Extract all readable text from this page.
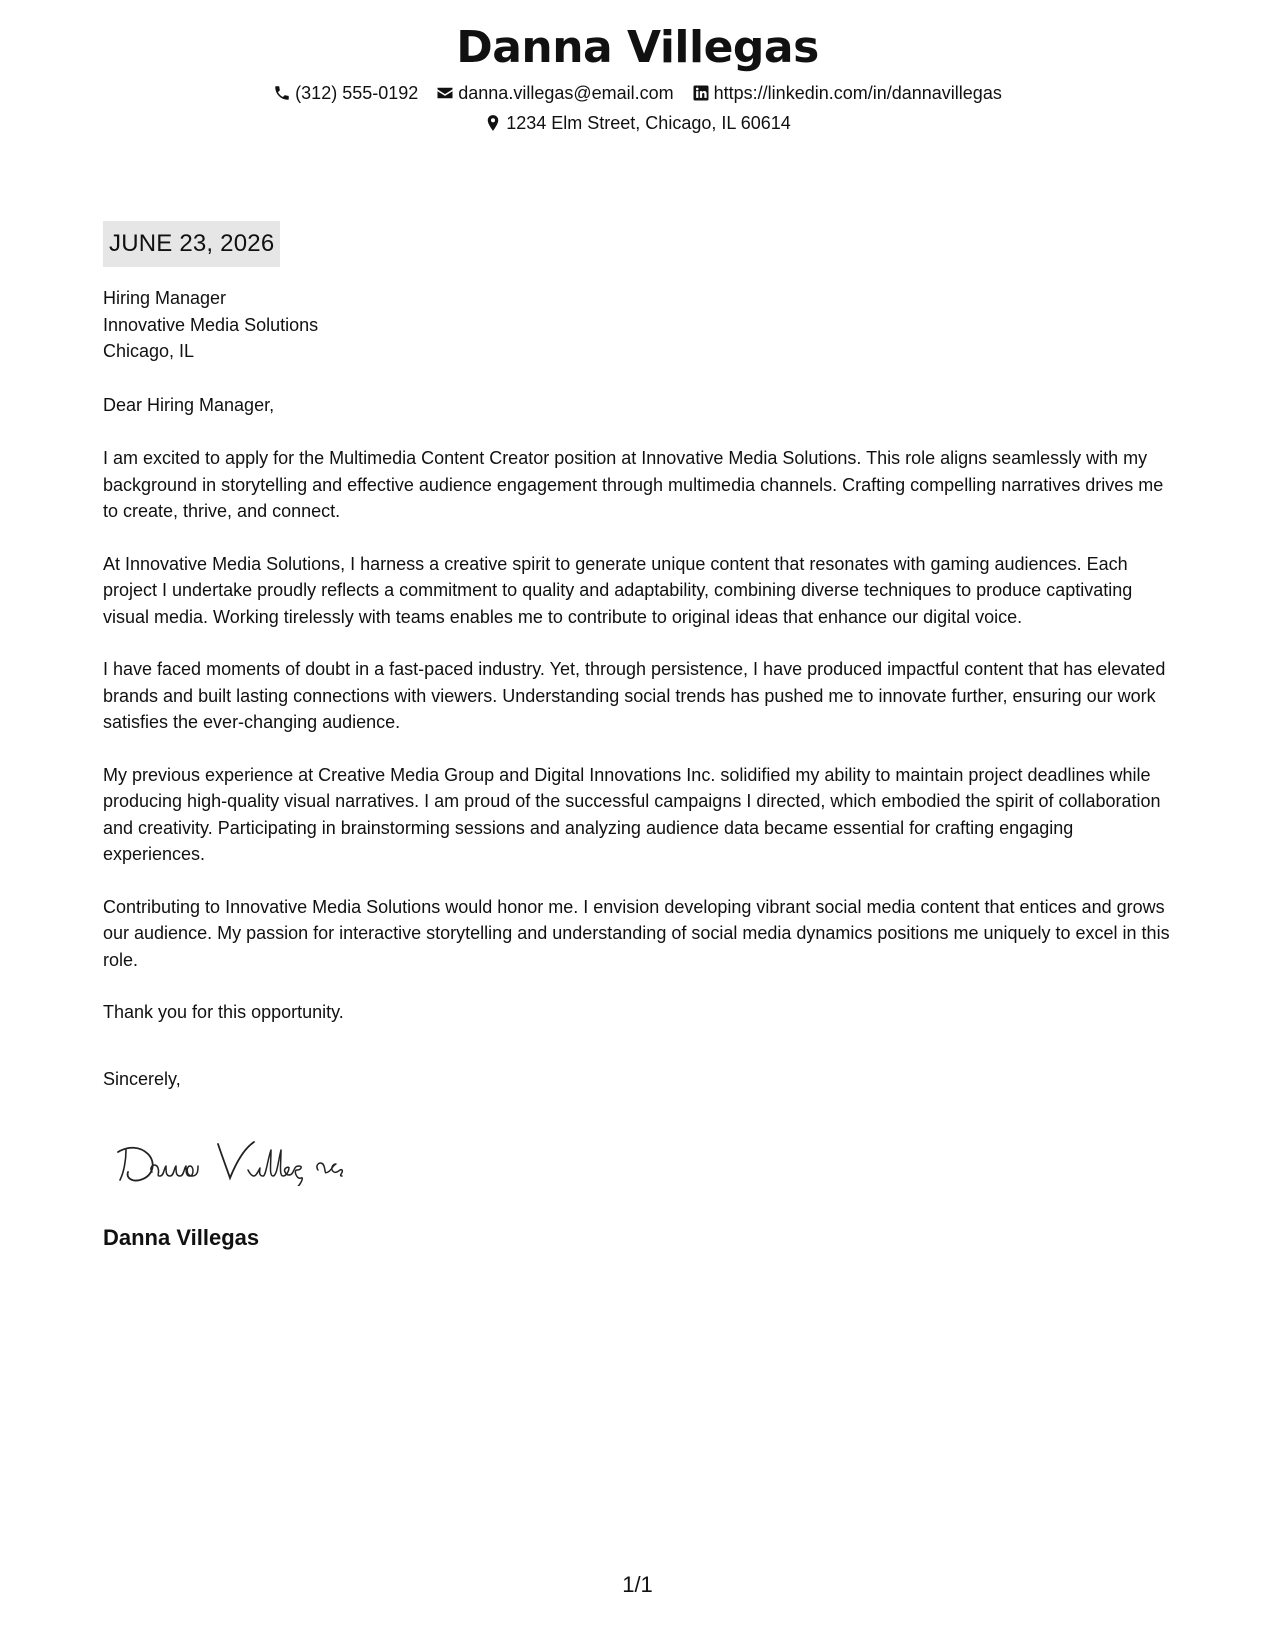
Danna Villegas
(312) 555-0192 danna.villegas@email.com https://linkedin.com/in/dannavillegas
1234 Elm Street, Chicago, IL 60614
JUNE 23, 2026
Hiring Manager
Innovative Media Solutions
Chicago, IL

Dear Hiring Manager,

I am excited to apply for the Multimedia Content Creator position at Innovative Media Solutions. This role aligns seamlessly with my background in storytelling and effective audience engagement through multimedia channels. Crafting compelling narratives drives me to create, thrive, and connect.

At Innovative Media Solutions, I harness a creative spirit to generate unique content that resonates with gaming audiences. Each project I undertake proudly reflects a commitment to quality and adaptability, combining diverse techniques to produce captivating visual media. Working tirelessly with teams enables me to contribute to original ideas that enhance our digital voice.

I have faced moments of doubt in a fast-paced industry. Yet, through persistence, I have produced impactful content that has elevated brands and built lasting connections with viewers. Understanding social trends has pushed me to innovate further, ensuring our work satisfies the ever-changing audience.

My previous experience at Creative Media Group and Digital Innovations Inc. solidified my ability to maintain project deadlines while producing high-quality visual narratives. I am proud of the successful campaigns I directed, which embodied the spirit of collaboration and creativity. Participating in brainstorming sessions and analyzing audience data became essential for crafting engaging experiences.

Contributing to Innovative Media Solutions would honor me. I envision developing vibrant social media content that entices and grows our audience. My passion for interactive storytelling and understanding of social media dynamics positions me uniquely to excel in this role.

Thank you for this opportunity.

Sincerely,

Danna Villegas
1/1
